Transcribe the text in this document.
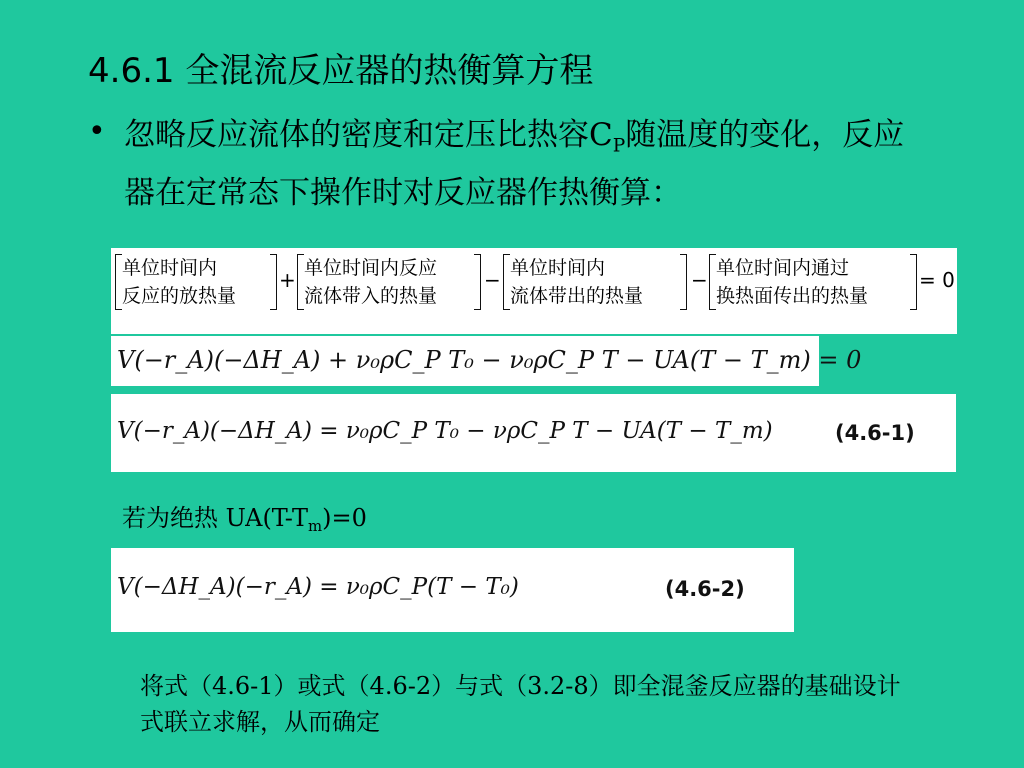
4.6.1 全混流反应器的热衡算方程
• 忽略反应流体的密度和定压比热容$C_P$随温度的变化，反应器在定常态下操作时对反应器作热衡算：
单位时间内
反应的放热量
+ 单位时间内反应
流体带入的热量
− 单位时间内
流体带出的热量
− 单位时间内通过
换热面传出的热量
= 0
V(−r_A)(−ΔH_A) + ν₀ρC_P T₀ − ν₀ρC_P T − UA(T − T_m) = 0
V(−r_A)(−ΔH_A) = ν₀ρC_P T₀ − νρC_P T − UA(T − T_m)	(4.6-1)
若为绝热 $UA(T-T_m)=0$
V(−ΔH_A)(−r_A) = ν₀ρC_P(T − T₀)	(4.6-2)
将式（4.6-1）或式（4.6-2）与式（3.2-8）即全混釜反应器的基础设计式联立求解，从而确定
